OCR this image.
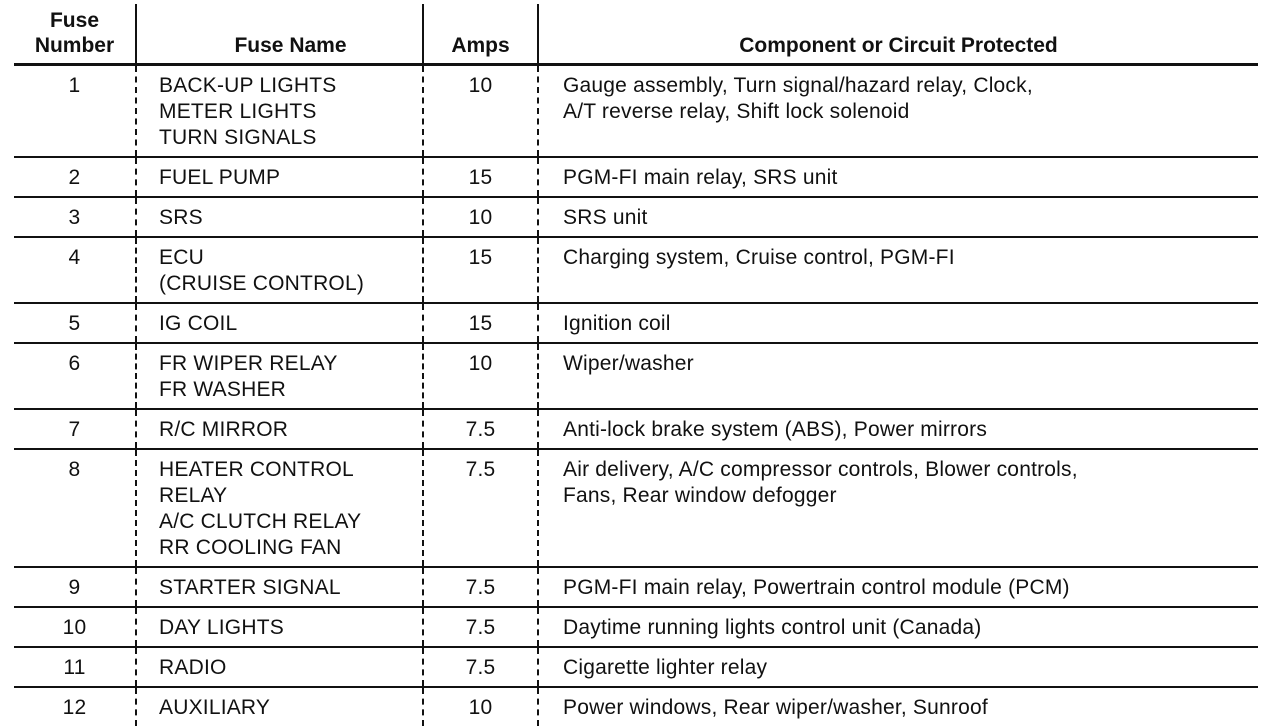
Fuse
Number	Fuse Name	Amps	Component or Circuit Protected
1	BACK-UP LIGHTS
METER LIGHTS
TURN SIGNALS	10	Gauge assembly, Turn signal/hazard relay, Clock,
A/T reverse relay, Shift lock solenoid

2	FUEL PUMP	15	PGM-FI main relay, SRS unit

3	SRS	10	SRS unit

4	ECU
(CRUISE CONTROL)	15	Charging system, Cruise control, PGM-FI

5	IG COIL	15	Ignition coil

6	FR WIPER RELAY
FR WASHER	10	Wiper/washer

7	R/C MIRROR	7.5	Anti-lock brake system (ABS), Power mirrors

8	HEATER CONTROL
RELAY
A/C CLUTCH RELAY
RR COOLING FAN	7.5	Air delivery, A/C compressor controls, Blower controls,
Fans, Rear window defogger

9	STARTER SIGNAL	7.5	PGM-FI main relay, Powertrain control module (PCM)

10	DAY LIGHTS	7.5	Daytime running lights control unit (Canada)

11	RADIO	7.5	Cigarette lighter relay

12	AUXILIARY	10	Power windows, Rear wiper/washer, Sunroof
